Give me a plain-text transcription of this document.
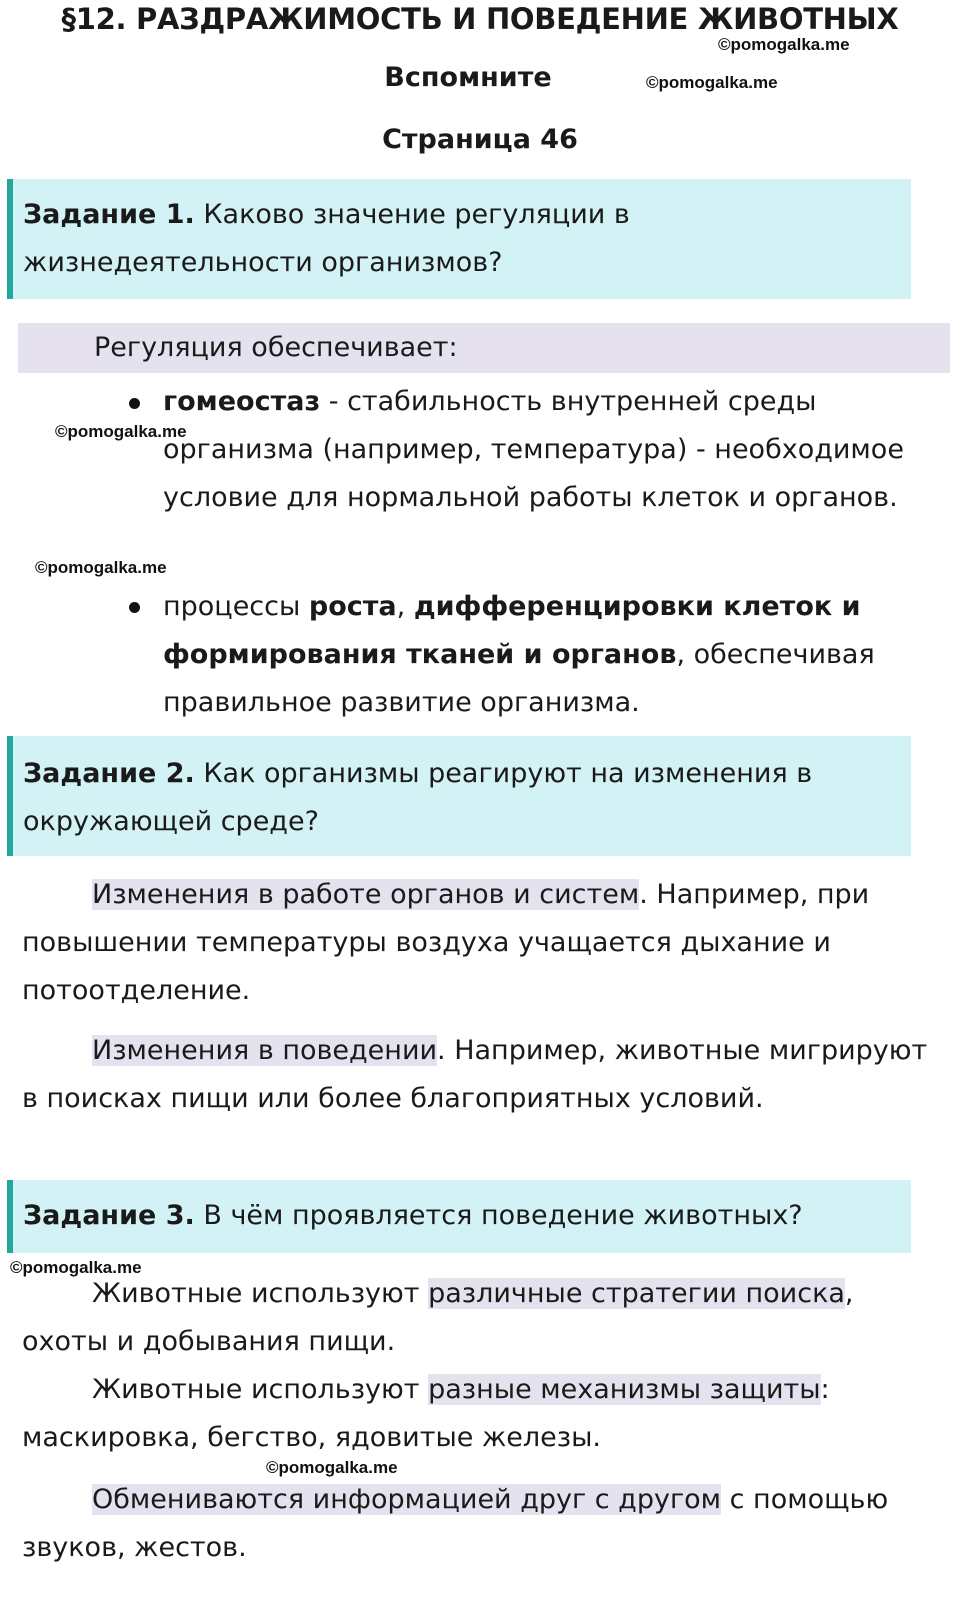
§12. РАЗДРАЖИМОСТЬ И ПОВЕДЕНИЕ ЖИВОТНЫХ
©pomogalka.me
Вспомните	©pomogalka.me
Страница 46
Задание 1. Каково значение регуляции в жизнедеятельности организмов?
Регуляция обеспечивает:
гомеостаз - стабильность внутренней среды организма (например, температура) - необходимое условие для нормальной работы клеток и органов.
©pomogalka.me
©pomogalka.me
процессы роста, дифференцировки клеток и формирования тканей и органов, обеспечивая правильное развитие организма.
Задание 2. Как организмы реагируют на изменения в окружающей среде?
Изменения в работе органов и систем. Например, при повышении температуры воздуха учащается дыхание и потоотделение.
Изменения в поведении. Например, животные мигрируют в поисках пищи или более благоприятных условий.
Задание 3. В чём проявляется поведение животных?
©pomogalka.me
Животные используют различные стратегии поиска, охоты и добывания пищи.
Животные используют разные механизмы защиты: маскировка, бегство, ядовитые железы.
©pomogalka.me
Обмениваются информацией друг с другом с помощью звуков, жестов.
